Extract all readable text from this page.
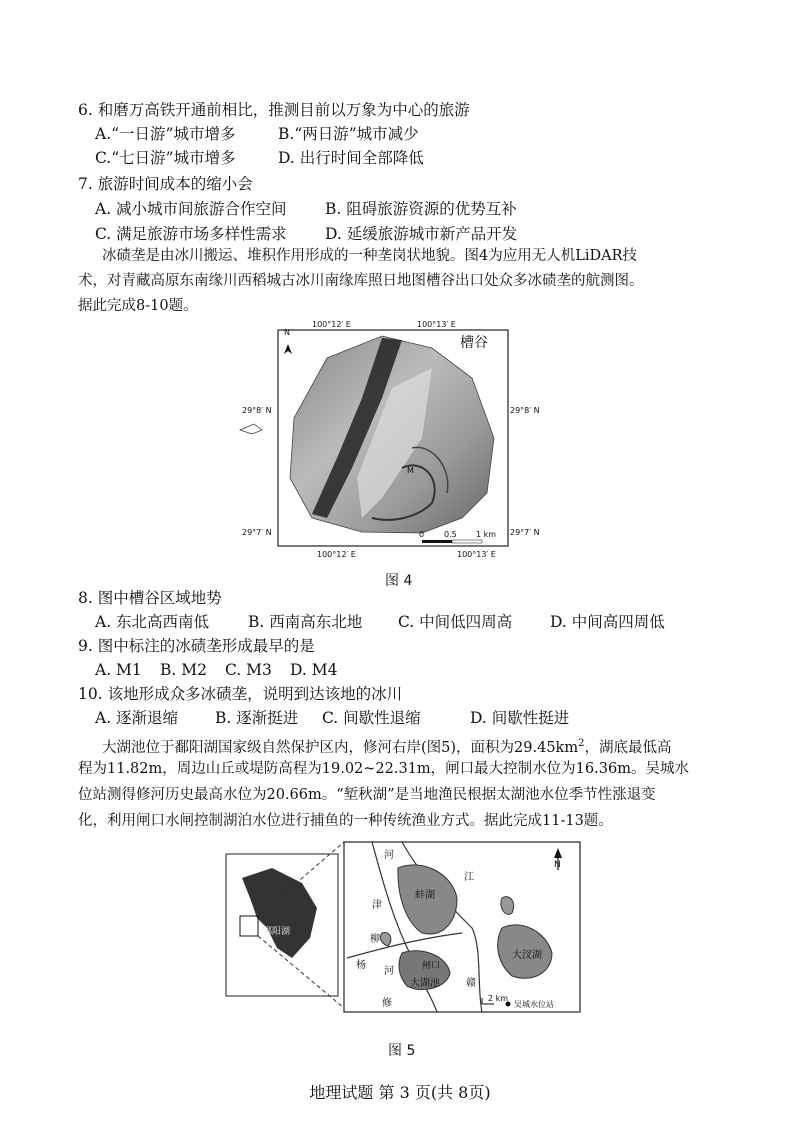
6. 和磨万高铁开通前相比，推测目前以万象为中心的旅游
A.“一日游”城市增多	B.“两日游”城市减少
C.“七日游”城市增多	D. 出行时间全部降低
7. 旅游时间成本的缩小会
A. 减小城市间旅游合作空间 B. 阻碍旅游资源的优势互补
C. 满足旅游市场多样性需求 D. 延缓旅游城市新产品开发
冰碛垄是由冰川搬运、堆积作用形成的一种垄岗状地貌。图4为应用无人机LiDAR技
术，对青藏高原东南缘川西稻城古冰川南缘库照日地图槽谷出口处众多冰碛垄的航测图。
据此完成8-10题。
N
100°12′ E	100°13′ E
100°12′ E	100°13′ E
29°8′ N	29°8′ N
29°7′ N	29°7′ N
槽谷
0 0.5 1 km
M
图 4
8. 图中槽谷区域地势
A. 东北高西南低	B. 西南高东北地 C. 中间低四周高 D. 中间高四周低
9. 图中标注的冰碛垄形成最早的是
A. M1 B. M2 C. M3 D. M4
10. 该地形成众多冰碛垄，说明到达该地的冰川
A. 逐渐退缩 B. 逐渐挺进 C. 间歇性退缩	D. 间歇性挺进
大湖池位于鄱阳湖国家级自然保护区内，修河右岸(图5)，面积为$29.45km^2$，湖底最低高
程为11.82m，周边山丘或堤防高程为19.02~22.31m，闸口最大控制水位为16.36m。吴城水
位站测得修河历史最高水位为20.66m。“堑秋湖”是当地渔民根据太湖池水位季节性涨退变
化，利用闸口水闸控制湖泊水位进行捕鱼的一种传统渔业方式。据此完成11-13题。
鄱阳湖
N
河
江
津
蚌湖
大汊湖
柳
杨
河	闸口
大湖池
修
赣
2 km
吴城水位站
图 5
地理试题 第 3 页(共 8页)
